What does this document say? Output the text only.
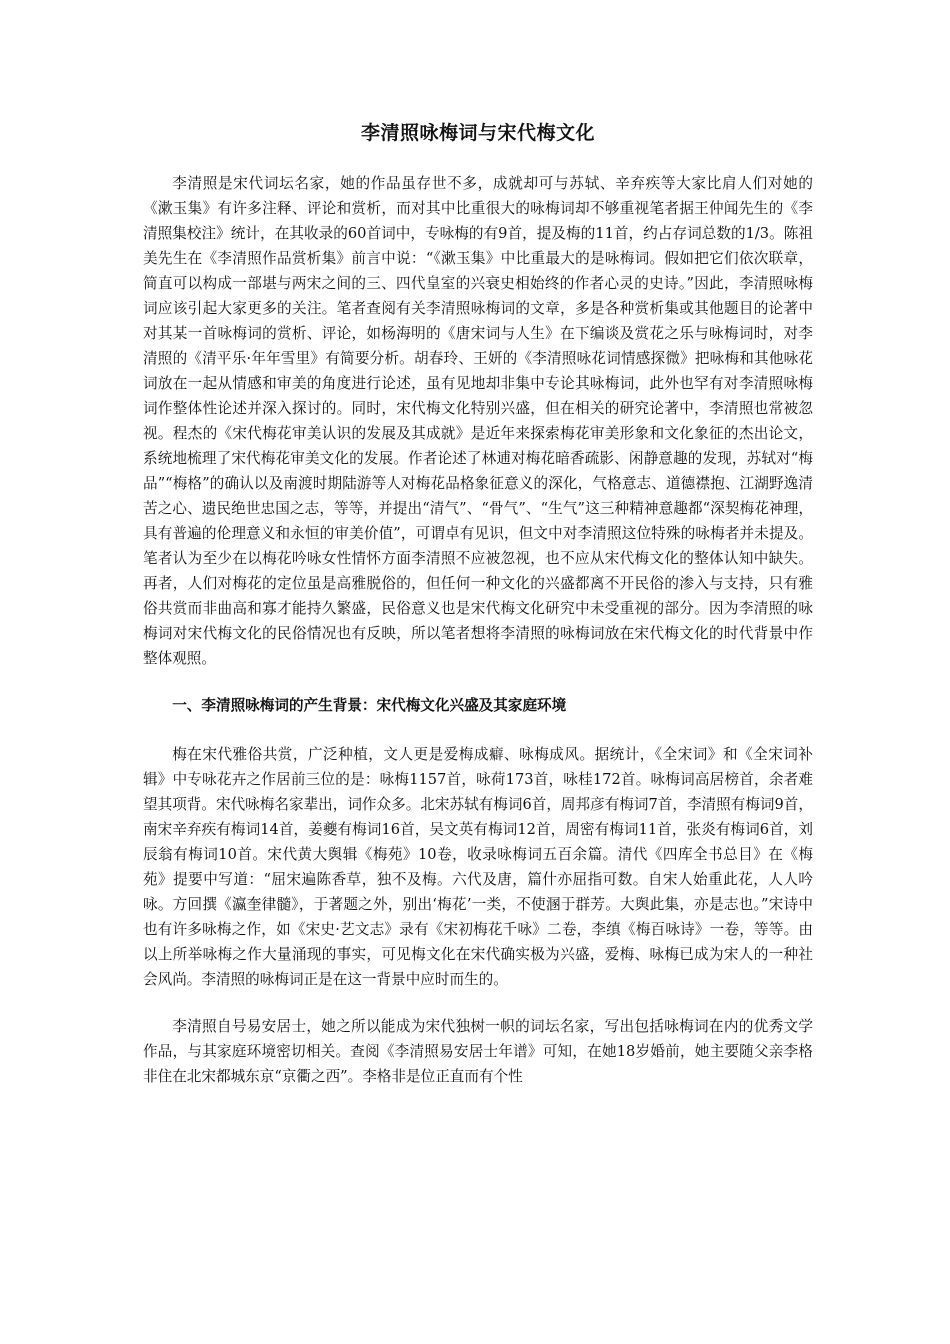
李清照咏梅词与宋代梅文化

李清照是宋代词坛名家，她的作品虽存世不多，成就却可与苏轼、辛弃疾等大家比肩人们对她的《漱玉集》有许多注释、评论和赏析，而对其中比重很大的咏梅词却不够重视笔者据王仲闻先生的《李清照集校注》统计，在其收录的60首词中，专咏梅的有9首，提及梅的11首，约占存词总数的1/3。陈祖美先生在《李清照作品赏析集》前言中说：“《漱玉集》中比重最大的是咏梅词。假如把它们依次联章，简直可以构成一部堪与两宋之间的三、四代皇室的兴衰史相始终的作者心灵的史诗。”因此，李清照咏梅词应该引起大家更多的关注。笔者查阅有关李清照咏梅词的文章，多是各种赏析集或其他题目的论著中对其某一首咏梅词的赏析、评论，如杨海明的《唐宋词与人生》在下编谈及赏花之乐与咏梅词时，对李清照的《清平乐·年年雪里》有简要分析。胡春玲、王妍的《李清照咏花词情感探微》把咏梅和其他咏花词放在一起从情感和审美的角度进行论述，虽有见地却非集中专论其咏梅词，此外也罕有对李清照咏梅词作整体性论述并深入探讨的。同时，宋代梅文化特别兴盛，但在相关的研究论著中，李清照也常被忽视。程杰的《宋代梅花审美认识的发展及其成就》是近年来探索梅花审美形象和文化象征的杰出论文，系统地梳理了宋代梅花审美文化的发展。作者论述了林逋对梅花暗香疏影、闲静意趣的发现，苏轼对“梅品”“梅格”的确认以及南渡时期陆游等人对梅花品格象征意义的深化，气格意志、道德襟抱、江湖野逸清苦之心、遗民绝世忠国之志，等等，并提出“清气”、“骨气”、“生气”这三种精神意趣都“深契梅花神理，具有普遍的伦理意义和永恒的审美价值”，可谓卓有见识，但文中对李清照这位特殊的咏梅者并未提及。笔者认为至少在以梅花吟咏女性情怀方面李清照不应被忽视，也不应从宋代梅文化的整体认知中缺失。再者，人们对梅花的定位虽是高雅脱俗的，但任何一种文化的兴盛都离不开民俗的渗入与支持，只有雅俗共赏而非曲高和寡才能持久繁盛，民俗意义也是宋代梅文化研究中未受重视的部分。因为李清照的咏梅词对宋代梅文化的民俗情况也有反映，所以笔者想将李清照的咏梅词放在宋代梅文化的时代背景中作整体观照。

一、李清照咏梅词的产生背景：宋代梅文化兴盛及其家庭环境

梅在宋代雅俗共赏，广泛种植，文人更是爱梅成癖、咏梅成风。据统计，《全宋词》和《全宋词补辑》中专咏花卉之作居前三位的是：咏梅1157首，咏荷173首，咏桂172首。咏梅词高居榜首，余者难望其项背。宋代咏梅名家辈出，词作众多。北宋苏轼有梅词6首，周邦彦有梅词7首，李清照有梅词9首，南宋辛弃疾有梅词14首，姜夔有梅词16首，吴文英有梅词12首，周密有梅词11首，张炎有梅词6首，刘辰翁有梅词10首。宋代黄大舆辑《梅苑》10卷，收录咏梅词五百余篇。清代《四库全书总目》在《梅苑》提要中写道：“屈宋遍陈香草，独不及梅。六代及唐，篇什亦屈指可数。自宋人始重此花，人人吟咏。方回撰《瀛奎律髓》，于著题之外，别出‘梅花’一类，不使溷于群芳。大舆此集，亦是志也。”宋诗中也有许多咏梅之作，如《宋史·艺文志》录有《宋初梅花千咏》二卷，李缜《梅百咏诗》一卷，等等。由以上所举咏梅之作大量涌现的事实，可见梅文化在宋代确实极为兴盛，爱梅、咏梅已成为宋人的一种社会风尚。李清照的咏梅词正是在这一背景中应时而生的。

李清照自号易安居士，她之所以能成为宋代独树一帜的词坛名家，写出包括咏梅词在内的优秀文学作品，与其家庭环境密切相关。查阅《李清照易安居士年谱》可知，在她18岁婚前，她主要随父亲李格非住在北宋都城东京“京衢之西”。李格非是位正直而有个性
